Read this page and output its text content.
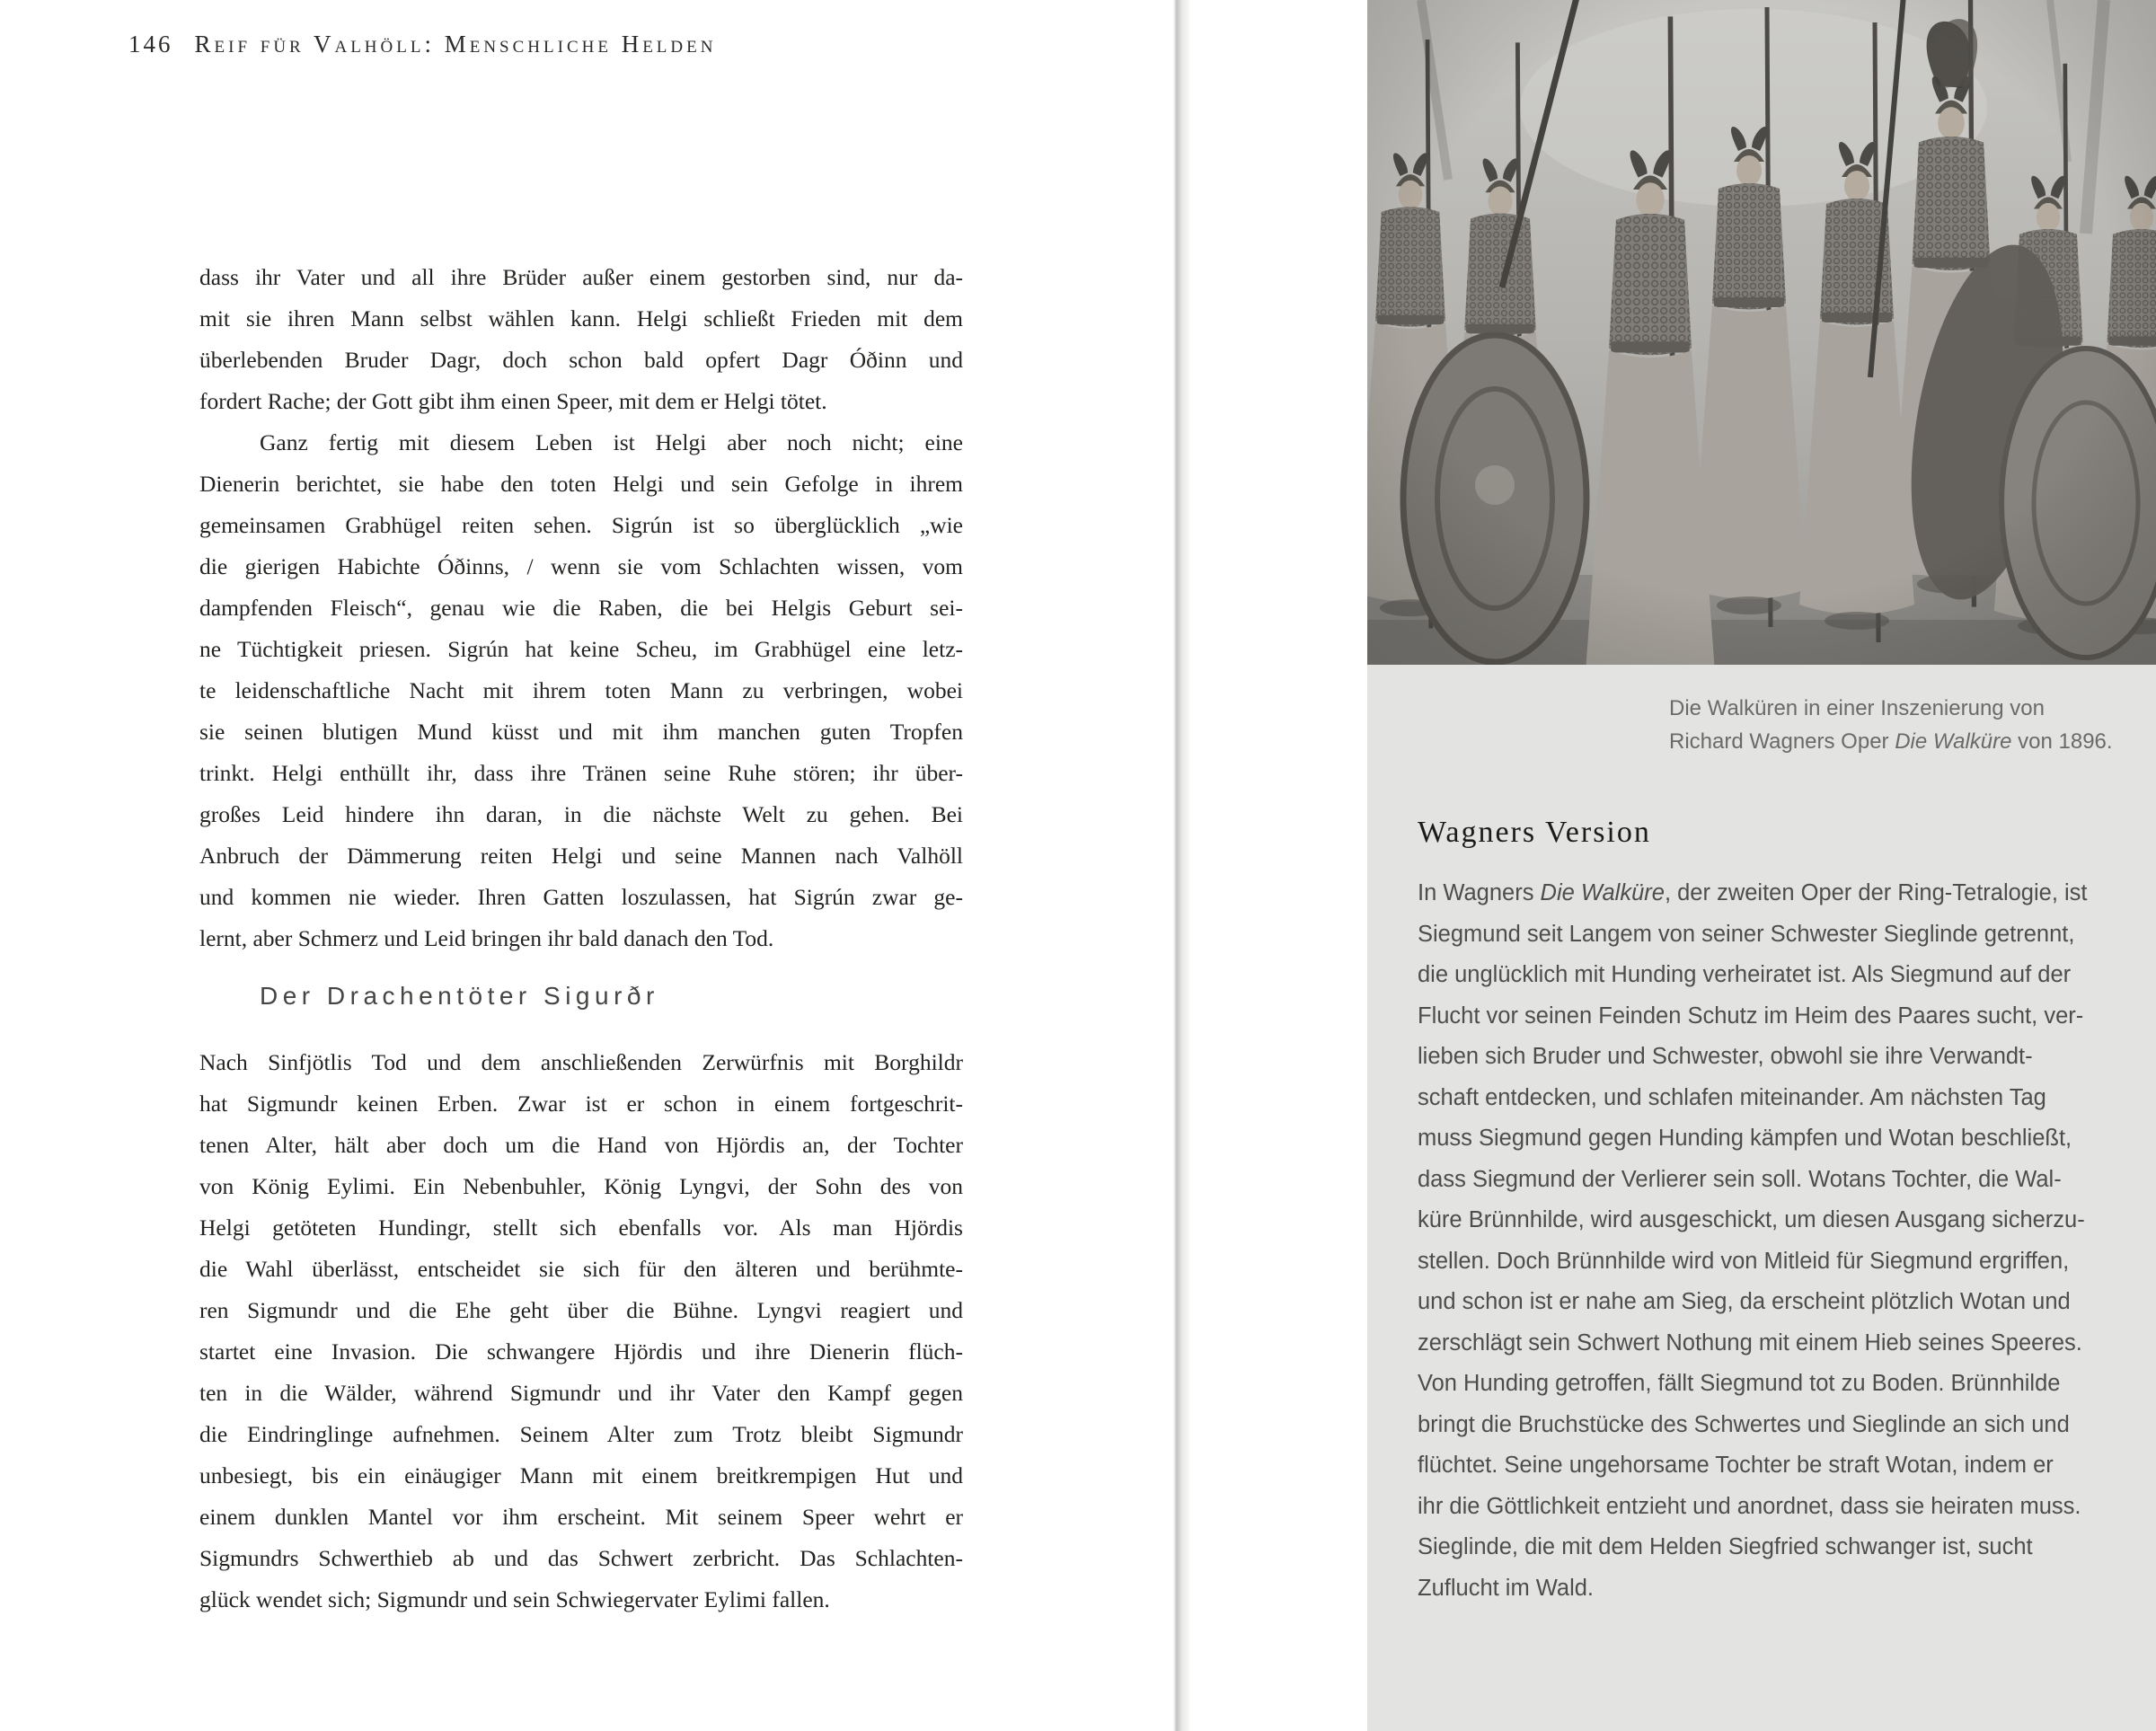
146 Reif für Valhöll: Menschliche Helden
dass ihr Vater und all ihre Brüder außer einem gestorben sind, nur da-
mit sie ihren Mann selbst wählen kann. Helgi schließt Frieden mit dem
überlebenden Bruder Dagr, doch schon bald opfert Dagr Óðinn und
fordert Rache; der Gott gibt ihm einen Speer, mit dem er Helgi tötet.
Ganz fertig mit diesem Leben ist Helgi aber noch nicht; eine
Dienerin berichtet, sie habe den toten Helgi und sein Gefolge in ihrem
gemeinsamen Grabhügel reiten sehen. Sigrún ist so überglücklich „wie
die gierigen Habichte Óðinns, / wenn sie vom Schlachten wissen, vom
dampfenden Fleisch“, genau wie die Raben, die bei Helgis Geburt sei-
ne Tüchtigkeit priesen. Sigrún hat keine Scheu, im Grabhügel eine letz-
te leidenschaftliche Nacht mit ihrem toten Mann zu verbringen, wobei
sie seinen blutigen Mund küsst und mit ihm manchen guten Tropfen
trinkt. Helgi enthüllt ihr, dass ihre Tränen seine Ruhe stören; ihr über-
großes Leid hindere ihn daran, in die nächste Welt zu gehen. Bei
Anbruch der Dämmerung reiten Helgi und seine Mannen nach Valhöll
und kommen nie wieder. Ihren Gatten loszulassen, hat Sigrún zwar ge-
lernt, aber Schmerz und Leid bringen ihr bald danach den Tod.
Der Drachentöter Sigurðr
Nach Sinfjötlis Tod und dem anschließenden Zerwürfnis mit Borghildr
hat Sigmundr keinen Erben. Zwar ist er schon in einem fortgeschrit-
tenen Alter, hält aber doch um die Hand von Hjördis an, der Tochter
von König Eylimi. Ein Nebenbuhler, König Lyngvi, der Sohn des von
Helgi getöteten Hundingr, stellt sich ebenfalls vor. Als man Hjördis
die Wahl überlässt, entscheidet sie sich für den älteren und berühmte-
ren Sigmundr und die Ehe geht über die Bühne. Lyngvi reagiert und
startet eine Invasion. Die schwangere Hjördis und ihre Dienerin flüch-
ten in die Wälder, während Sigmundr und ihr Vater den Kampf gegen
die Eindringlinge aufnehmen. Seinem Alter zum Trotz bleibt Sigmundr
unbesiegt, bis ein einäugiger Mann mit einem breitkrempigen Hut und
einem dunklen Mantel vor ihm erscheint. Mit seinem Speer wehrt er
Sigmundrs Schwerthieb ab und das Schwert zerbricht. Das Schlachten-
glück wendet sich; Sigmundr und sein Schwiegervater Eylimi fallen.
Die Walküren in einer Inszenierung von
Richard Wagners Oper Die Walküre von 1896.
Wagners Version
In Wagners Die Walküre, der zweiten Oper der Ring-Tetralogie, ist
Siegmund seit Langem von seiner Schwester Sieglinde getrennt,
die unglücklich mit Hunding verheiratet ist. Als Siegmund auf der
Flucht vor seinen Feinden Schutz im Heim des Paares sucht, ver-
lieben sich Bruder und Schwester, obwohl sie ihre Verwandt-
schaft entdecken, und schlafen miteinander. Am nächsten Tag
muss Siegmund gegen Hunding kämpfen und Wotan beschließt,
dass Siegmund der Verlierer sein soll. Wotans Tochter, die Wal-
küre Brünnhilde, wird ausgeschickt, um diesen Ausgang sicherzu-
stellen. Doch Brünnhilde wird von Mitleid für Siegmund ergriffen,
und schon ist er nahe am Sieg, da erscheint plötzlich Wotan und
zerschlägt sein Schwert Nothung mit einem Hieb seines Speeres.
Von Hunding getroffen, fällt Siegmund tot zu Boden. Brünnhilde
bringt die Bruchstücke des Schwertes und Sieglinde an sich und
flüchtet. Seine ungehorsame Tochter be straft Wotan, indem er
ihr die Göttlichkeit entzieht und anordnet, dass sie heiraten muss.
Sieglinde, die mit dem Helden Siegfried schwanger ist, sucht
Zuflucht im Wald.
